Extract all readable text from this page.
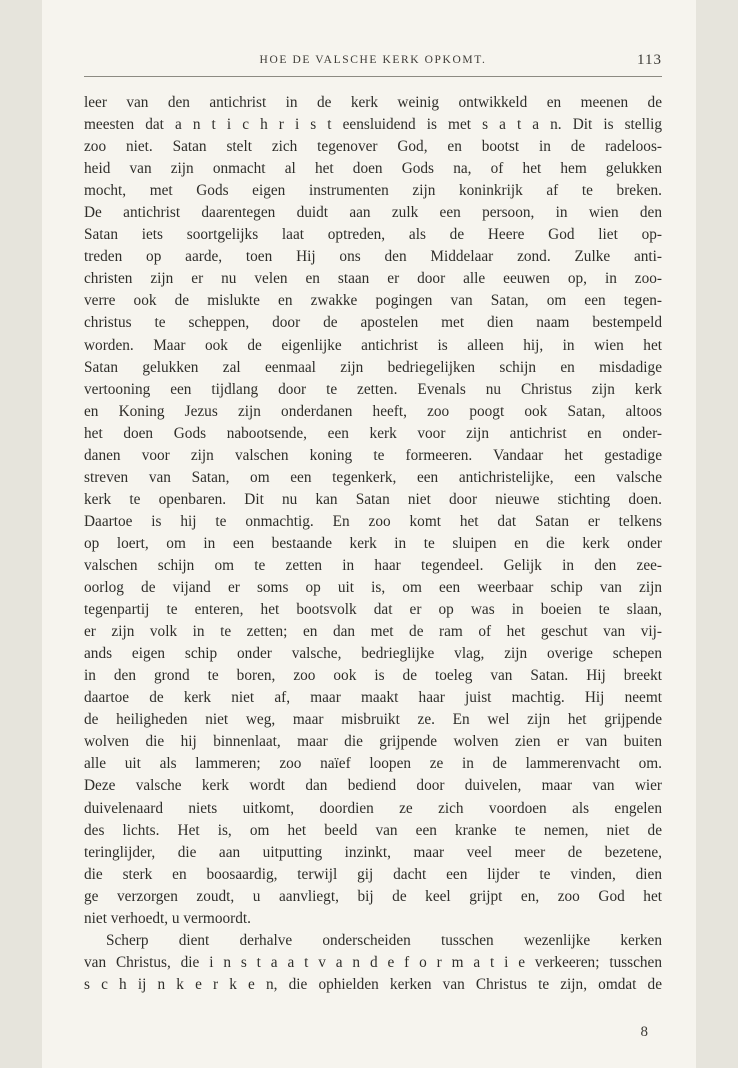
HOE DE VALSCHE KERK OPKOMT.	113

leer van den antichrist in de kerk weinig ontwikkeld en meenen de

meesten dat a n t i c h r i s t eensluidend is met s a t a n. Dit is stellig

zoo niet. Satan stelt zich tegenover God, en bootst in de radeloos-

heid van zijn onmacht al het doen Gods na, of het hem gelukken

mocht, met Gods eigen instrumenten zijn koninkrijk af te breken.

De antichrist daarentegen duidt aan zulk een persoon, in wien den

Satan iets soortgelijks laat optreden, als de Heere God liet op-

treden op aarde, toen Hij ons den Middelaar zond. Zulke anti-

christen zijn er nu velen en staan er door alle eeuwen op, in zoo-

verre ook de mislukte en zwakke pogingen van Satan, om een tegen-

christus te scheppen, door de apostelen met dien naam bestempeld

worden. Maar ook de eigenlijke antichrist is alleen hij, in wien het

Satan gelukken zal eenmaal zijn bedriegelijken schijn en misdadige

vertooning een tijdlang door te zetten. Evenals nu Christus zijn kerk

en Koning Jezus zijn onderdanen heeft, zoo poogt ook Satan, altoos

het doen Gods nabootsende, een kerk voor zijn antichrist en onder-

danen voor zijn valschen koning te formeeren. Vandaar het gestadige

streven van Satan, om een tegenkerk, een antichristelijke, een valsche

kerk te openbaren. Dit nu kan Satan niet door nieuwe stichting doen.

Daartoe is hij te onmachtig. En zoo komt het dat Satan er telkens

op loert, om in een bestaande kerk in te sluipen en die kerk onder

valschen schijn om te zetten in haar tegendeel. Gelijk in den zee-

oorlog de vijand er soms op uit is, om een weerbaar schip van zijn

tegenpartij te enteren, het bootsvolk dat er op was in boeien te slaan,

er zijn volk in te zetten; en dan met de ram of het geschut van vij-

ands eigen schip onder valsche, bedrieglijke vlag, zijn overige schepen

in den grond te boren, zoo ook is de toeleg van Satan. Hij breekt

daartoe de kerk niet af, maar maakt haar juist machtig. Hij neemt

de heiligheden niet weg, maar misbruikt ze. En wel zijn het grijpende

wolven die hij binnenlaat, maar die grijpende wolven zien er van buiten

alle uit als lammeren; zoo naïef loopen ze in de lammerenvacht om.

Deze valsche kerk wordt dan bediend door duivelen, maar van wier

duivelenaard niets uitkomt, doordien ze zich voordoen als engelen

des lichts. Het is, om het beeld van een kranke te nemen, niet de

teringlijder, die aan uitputting inzinkt, maar veel meer de bezetene,

die sterk en boosaardig, terwijl gij dacht een lijder te vinden, dien

ge verzorgen zoudt, u aanvliegt, bij de keel grijpt en, zoo God het

niet verhoedt, u vermoordt.

Scherp dient derhalve onderscheiden tusschen wezenlijke kerken

van Christus, die i n s t a a t v a n d e f o r m a t i e verkeeren; tusschen

s c h ij n k e r k e n, die ophielden kerken van Christus te zijn, omdat de

8
